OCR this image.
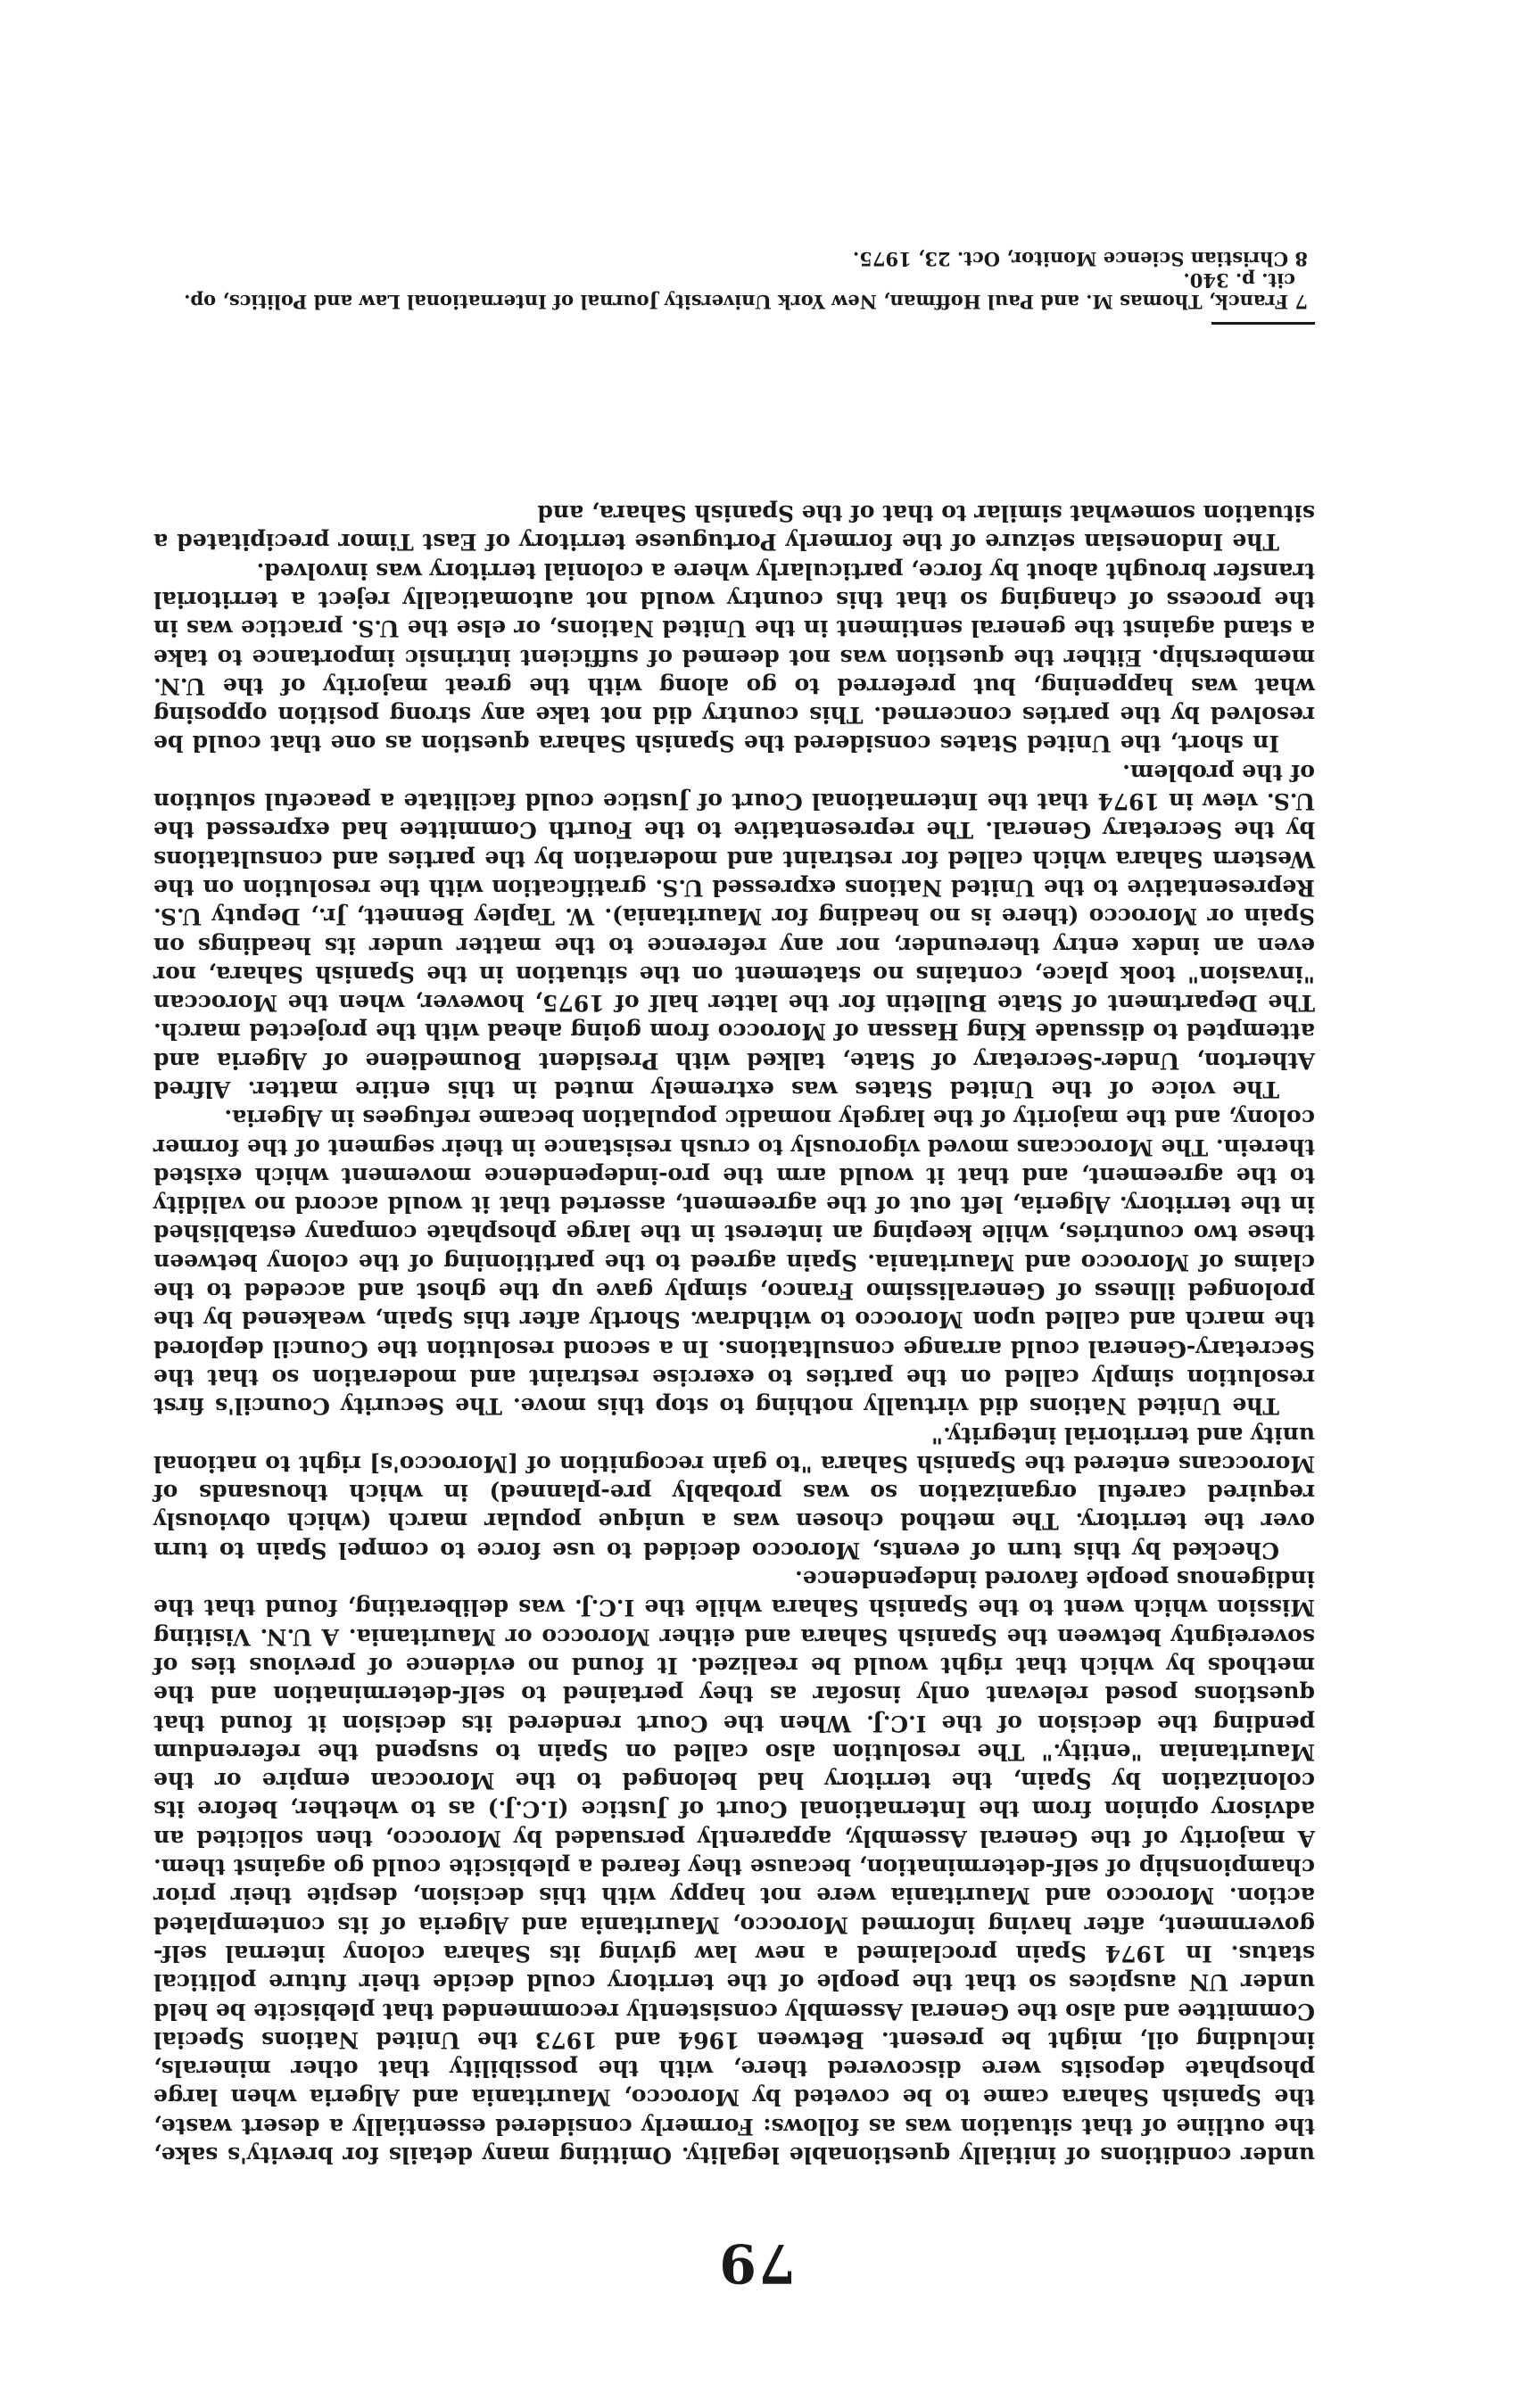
79

under conditions of initially questionable legality. Omitting many details for brevity's sake, the outline of that situation was as follows: Formerly considered essentially a desert waste, the Spanish Sahara came to be coveted by Morocco, Mauritania and Algeria when large phosphate deposits were discovered there, with the possibility that other minerals, including oil, might be present. Between 1964 and 1973 the United Nations Special Committee and also the General Assembly consistently recommended that plebiscite be held under UN auspices so that the people of the territory could decide their future political status. In 1974 Spain proclaimed a new law giving its Sahara colony internal self-government, after having informed Morocco, Mauritania and Algeria of its contemplated action. Morocco and Mauritania were not happy with this decision, despite their prior championship of self-determination, because they feared a plebiscite could go against them. A majority of the General Assembly, apparently persuaded by Morocco, then solicited an advisory opinion from the International Court of Justice (I.C.J.) as to whether, before its colonization by Spain, the territory had belonged to the Moroccan empire or the Mauritanian "entity." The resolution also called on Spain to suspend the referendum pending the decision of the I.C.J. When the Court rendered its decision it found that questions posed relevant only insofar as they pertained to self-determination and the methods by which that right would be realized. It found no evidence of previous ties of sovereignty between the Spanish Sahara and either Morocco or Mauritania. A U.N. Visiting Mission which went to the Spanish Sahara while the I.C.J. was deliberating, found that the indigenous people favored independence.

Checked by this turn of events, Morocco decided to use force to compel Spain to turn over the territory. The method chosen was a unique popular march (which obviously required careful organization so was probably pre-planned) in which thousands of Moroccans entered the Spanish Sahara "to gain recognition of [Morocco's] right to national unity and territorial integrity."

The United Nations did virtually nothing to stop this move. The Security Council's first resolution simply called on the parties to exercise restraint and moderation so that the Secretary-General could arrange consultations. In a second resolution the Council deplored the march and called upon Morocco to withdraw. Shortly after this Spain, weakened by the prolonged illness of Generalissimo Franco, simply gave up the ghost and acceded to the claims of Morocco and Mauritania. Spain agreed to the partitioning of the colony between these two countries, while keeping an interest in the large phosphate company established in the territory. Algeria, left out of the agreement, asserted that it would accord no validity to the agreement, and that it would arm the pro-independence movement which existed therein. The Moroccans moved vigorously to crush resistance in their segment of the former colony, and the majority of the largely nomadic population became refugees in Algeria.

The voice of the United States was extremely muted in this entire matter. Alfred Atherton, Under-Secretary of State, talked with President Boumediene of Algeria and attempted to dissuade King Hassan of Morocco from going ahead with the projected march. The Department of State Bulletin for the latter half of 1975, however, when the Moroccan "invasion" took place, contains no statement on the situation in the Spanish Sahara, nor even an index entry thereunder, nor any reference to the matter under its headings on Spain or Morocco (there is no heading for Mauritania). W. Tapley Bennett, Jr., Deputy U.S. Representative to the United Nations expressed U.S. gratification with the resolution on the Western Sahara which called for restraint and moderation by the parties and consultations by the Secretary General. The representative to the Fourth Committee had expressed the U.S. view in 1974 that the International Court of Justice could facilitate a peaceful solution of the problem.

In short, the United States considered the Spanish Sahara question as one that could be resolved by the parties concerned. This country did not take any strong position opposing what was happening, but preferred to go along with the great majority of the U.N. membership. Either the question was not deemed of sufficient intrinsic importance to take a stand against the general sentiment in the United Nations, or else the U.S. practice was in the process of changing so that this country would not automatically reject a territorial transfer brought about by force, particularly where a colonial territory was involved.

The Indonesian seizure of the formerly Portuguese territory of East Timor precipitated a situation somewhat similar to that of the Spanish Sahara, and

7 Franck, Thomas M. and Paul Hoffman, New York University Journal of International Law and Politics, op. cit. p. 340.

8 Christian Science Monitor, Oct. 23, 1975.
